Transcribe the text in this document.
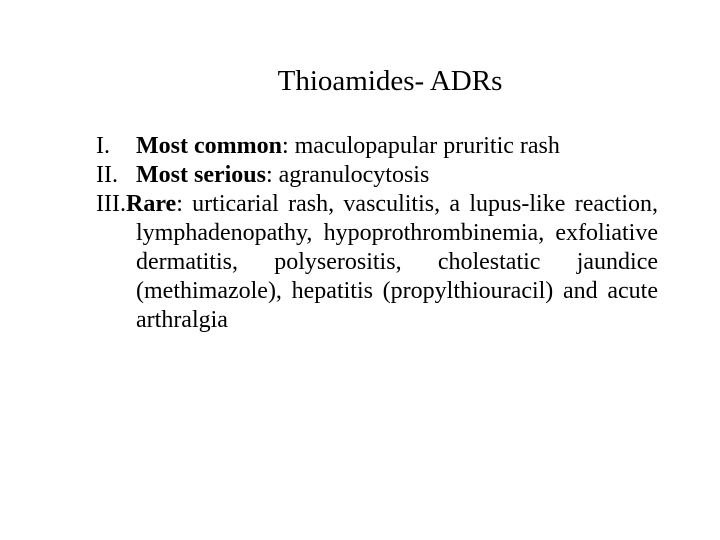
Thioamides- ADRs
I. Most common: maculopapular pruritic rash
II. Most serious: agranulocytosis
III.Rare: urticarial rash, vasculitis, a lupus-like reaction, lymphadenopathy, hypoprothrombinemia, exfoliative dermatitis, polyserositis, cholestatic jaundice (methimazole), hepatitis (propylthiouracil) and acute arthralgia
